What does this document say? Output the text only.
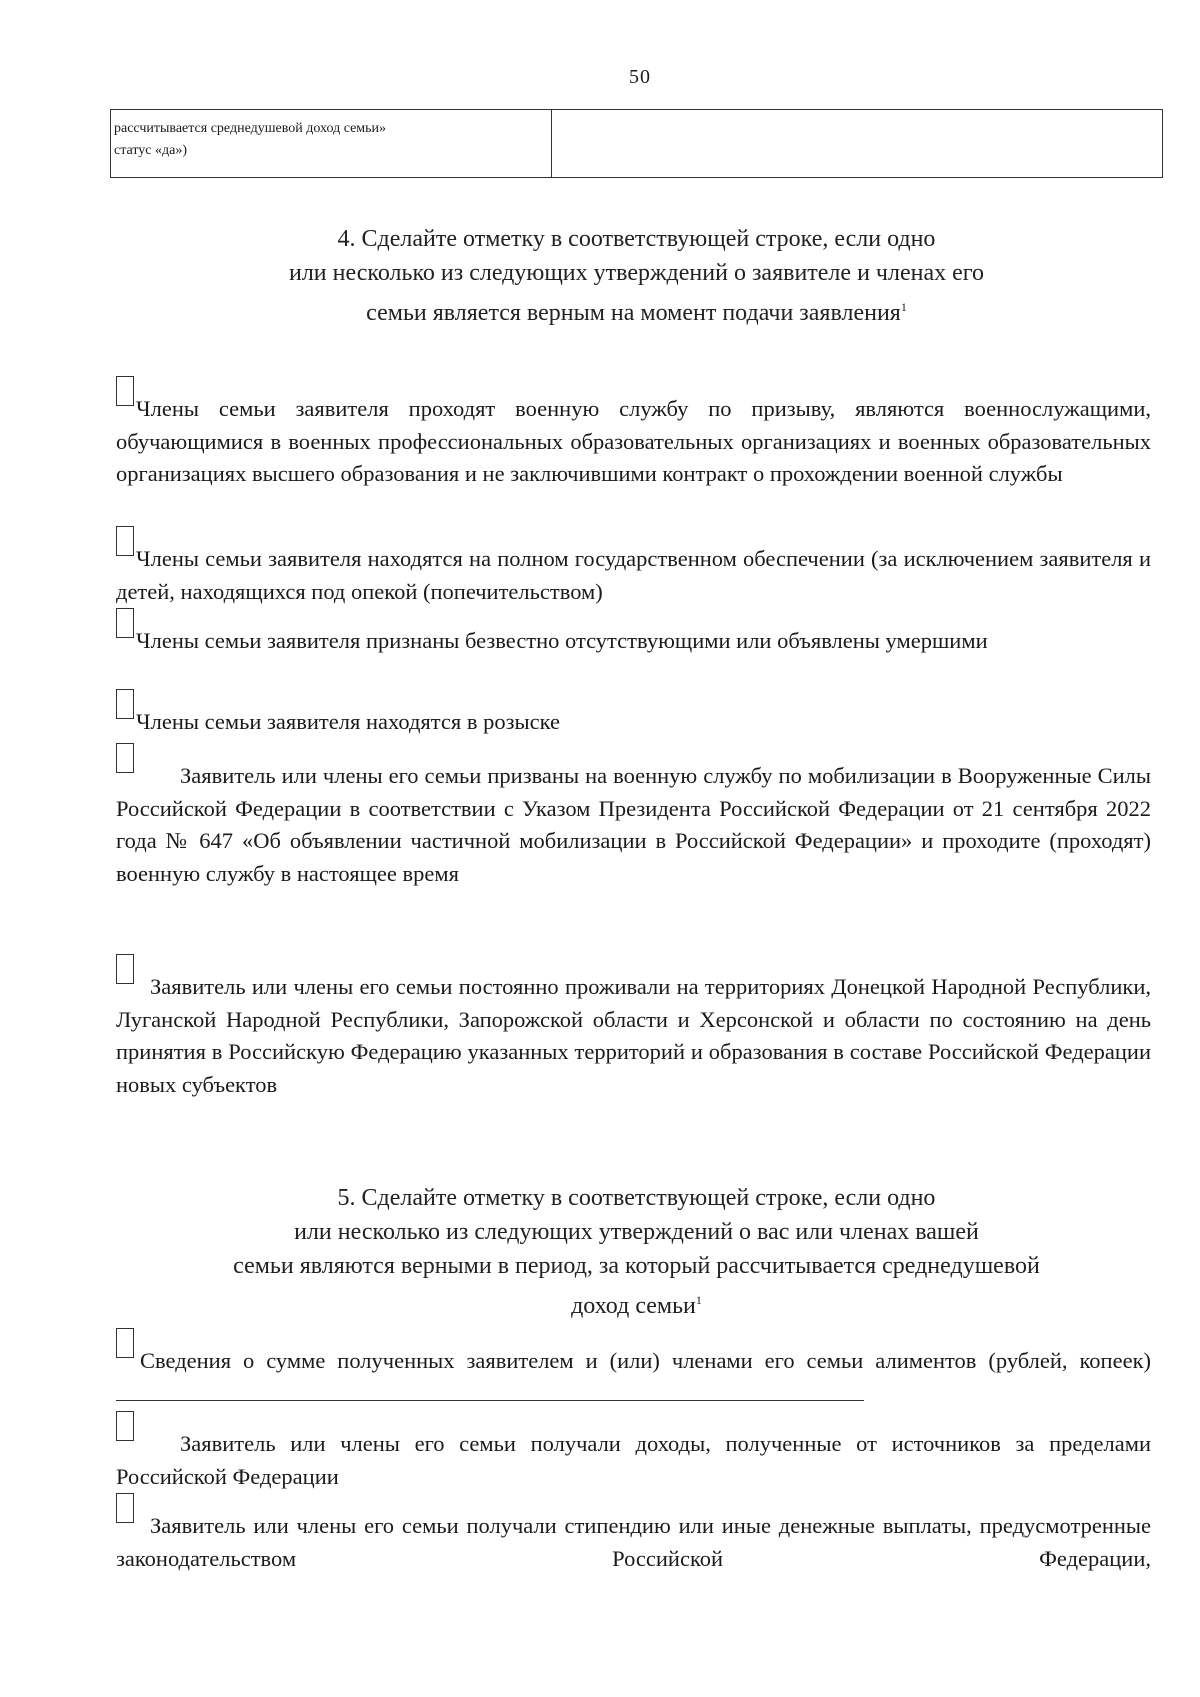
50
рассчитывается среднедушевой доход семьи»
статус «да»)

4. Сделайте отметку в соответствующей строке, если одно
или несколько из следующих утверждений о заявителе и членах его
семьи является верным на момент подачи заявления$^1$
Члены семьи заявителя проходят военную службу по призыву, являются военнослужащими, обучающимися в военных профессиональных образовательных организациях и военных образовательных организациях высшего образования и не заключившими контракт о прохождении военной службы
Члены семьи заявителя находятся на полном государственном обеспечении (за исключением заявителя и детей, находящихся под опекой (попечительством)
Члены семьи заявителя признаны безвестно отсутствующими или объявлены умершими
Члены семьи заявителя находятся в розыске
Заявитель или члены его семьи призваны на военную службу по мобилизации в Вооруженные Силы Российской Федерации в соответствии с Указом Президента Российской Федерации от 21 сентября 2022 года № 647 «Об объявлении частичной мобилизации в Российской Федерации» и проходите (проходят) военную службу в настоящее время
Заявитель или члены его семьи постоянно проживали на территориях Донецкой Народной Республики, Луганской Народной Республики, Запорожской области и Херсонской и области по состоянию на день принятия в Российскую Федерацию указанных территорий и образования в составе Российской Федерации новых субъектов
5. Сделайте отметку в соответствующей строке, если одно
или несколько из следующих утверждений о вас или членах вашей
семьи являются верными в период, за который рассчитывается среднедушевой
доход семьи$^1$
Сведения о сумме полученных заявителем и (или) членами его семьи алиментов (рублей, копеек)
Заявитель или члены его семьи получали доходы, полученные от источников за пределами Российской Федерации
Заявитель или члены его семьи получали стипендию или иные денежные выплаты, предусмотренные законодательством Российской Федерации,
